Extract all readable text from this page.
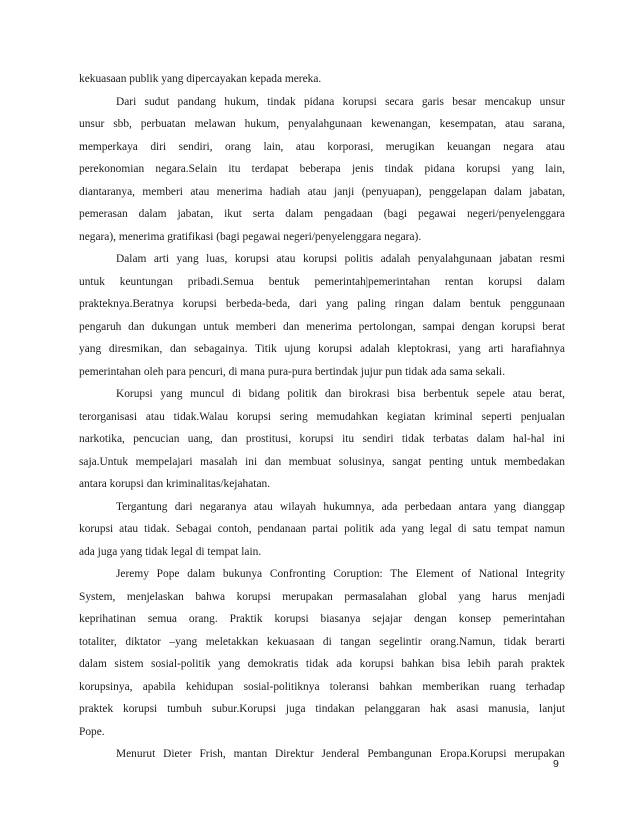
kekuasaan publik yang dipercayakan kepada mereka.
Dari sudut pandang hukum, tindak pidana korupsi secara garis besar mencakup unsur
unsur sbb, perbuatan melawan hukum, penyalahgunaan kewenangan, kesempatan, atau sarana,
memperkaya diri sendiri, orang lain, atau korporasi, merugikan keuangan negara atau
perekonomian negara.Selain itu terdapat beberapa jenis tindak pidana korupsi yang lain,
diantaranya, memberi atau menerima hadiah atau janji (penyuapan), penggelapan dalam jabatan,
pemerasan dalam jabatan, ikut serta dalam pengadaan (bagi pegawai negeri/penyelenggara
negara), menerima gratifikasi (bagi pegawai negeri/penyelenggara negara).
Dalam arti yang luas, korupsi atau korupsi politis adalah penyalahgunaan jabatan resmi
untuk keuntungan pribadi.Semua bentuk pemerintah|pemerintahan rentan korupsi dalam
prakteknya.Beratnya korupsi berbeda-beda, dari yang paling ringan dalam bentuk penggunaan
pengaruh dan dukungan untuk memberi dan menerima pertolongan, sampai dengan korupsi berat
yang diresmikan, dan sebagainya. Titik ujung korupsi adalah kleptokrasi, yang arti harafiahnya
pemerintahan oleh para pencuri, di mana pura-pura bertindak jujur pun tidak ada sama sekali.
Korupsi yang muncul di bidang politik dan birokrasi bisa berbentuk sepele atau berat,
terorganisasi atau tidak.Walau korupsi sering memudahkan kegiatan kriminal seperti penjualan
narkotika, pencucian uang, dan prostitusi, korupsi itu sendiri tidak terbatas dalam hal-hal ini
saja.Untuk mempelajari masalah ini dan membuat solusinya, sangat penting untuk membedakan
antara korupsi dan kriminalitas/kejahatan.
Tergantung dari negaranya atau wilayah hukumnya, ada perbedaan antara yang dianggap
korupsi atau tidak. Sebagai contoh, pendanaan partai politik ada yang legal di satu tempat namun
ada juga yang tidak legal di tempat lain.
Jeremy Pope dalam bukunya Confronting Coruption: The Element of National Integrity
System, menjelaskan bahwa korupsi merupakan permasalahan global yang harus menjadi
keprihatinan semua orang. Praktik korupsi biasanya sejajar dengan konsep pemerintahan
totaliter, diktator –yang meletakkan kekuasaan di tangan segelintir orang.Namun, tidak berarti
dalam sistem sosial-politik yang demokratis tidak ada korupsi bahkan bisa lebih parah praktek
korupsinya, apabila kehidupan sosial-politiknya toleransi bahkan memberikan ruang terhadap
praktek korupsi tumbuh subur.Korupsi juga tindakan pelanggaran hak asasi manusia, lanjut
Pope.
Menurut Dieter Frish, mantan Direktur Jenderal Pembangunan Eropa.Korupsi merupakan
9
